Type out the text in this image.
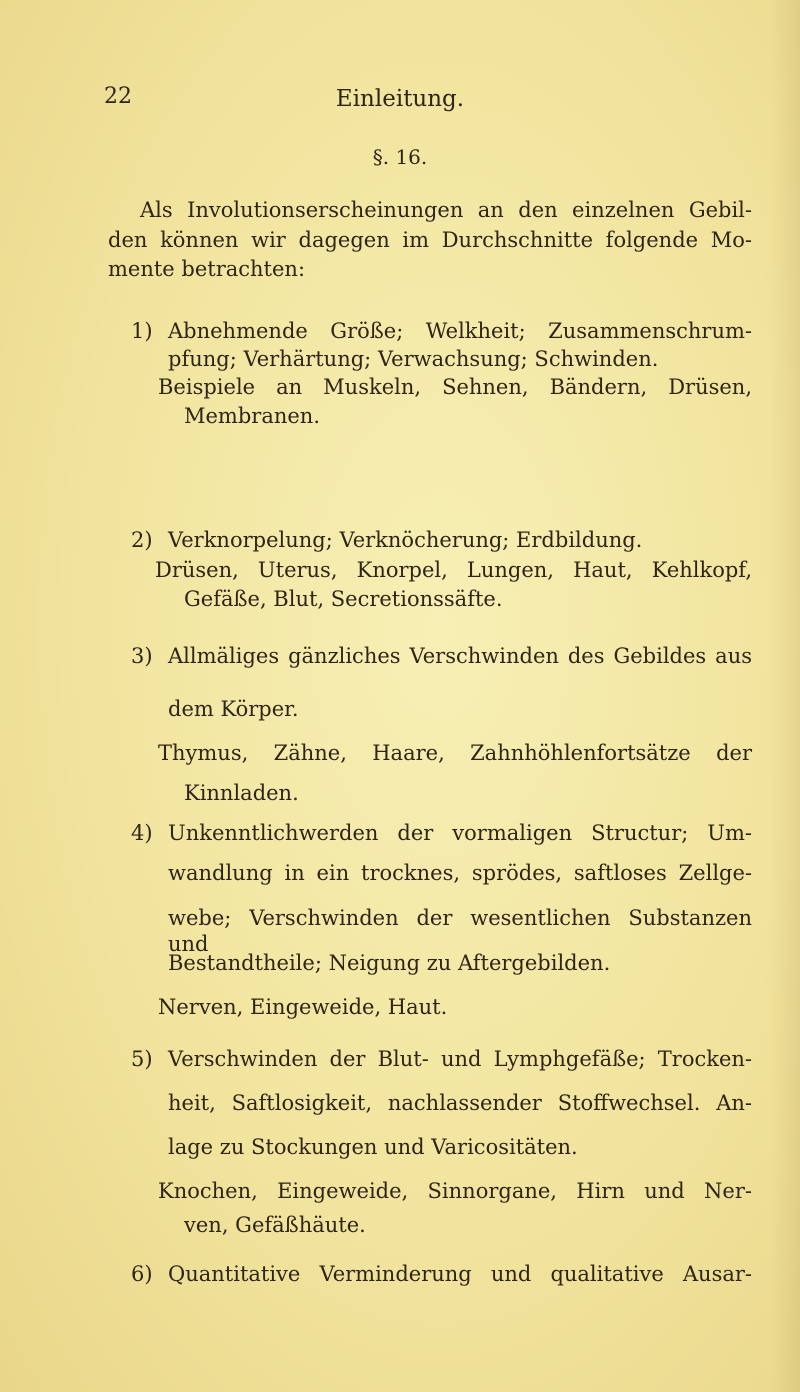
22	Einleitung.
§. 16.
Als Involutionserscheinungen an den einzelnen Gebil-
den können wir dagegen im Durchschnitte folgende Mo-
mente betrachten:
1) Abnehmende Größe; Welkheit; Zusammenschrum-
pfung; Verhärtung; Verwachsung; Schwinden.
Beispiele an Muskeln, Sehnen, Bändern, Drüsen,
Membranen.
2) Verknorpelung; Verknöcherung; Erdbildung.
Drüsen, Uterus, Knorpel, Lungen, Haut, Kehlkopf,
Gefäße, Blut, Secretionssäfte.
3) Allmäliges gänzliches Verschwinden des Gebildes aus
dem Körper.
Thymus, Zähne, Haare, Zahnhöhlenfortsätze der
Kinnladen.
4) Unkenntlichwerden der vormaligen Structur; Um-
wandlung in ein trocknes, sprödes, saftloses Zellge-
webe; Verschwinden der wesentlichen Substanzen und
Bestandtheile; Neigung zu Aftergebilden.
Nerven, Eingeweide, Haut.
5) Verschwinden der Blut- und Lymphgefäße; Trocken-
heit, Saftlosigkeit, nachlassender Stoffwechsel. An-
lage zu Stockungen und Varicositäten.
Knochen, Eingeweide, Sinnorgane, Hirn und Ner-
ven, Gefäßhäute.
6) Quantitative Verminderung und qualitative Ausar-
